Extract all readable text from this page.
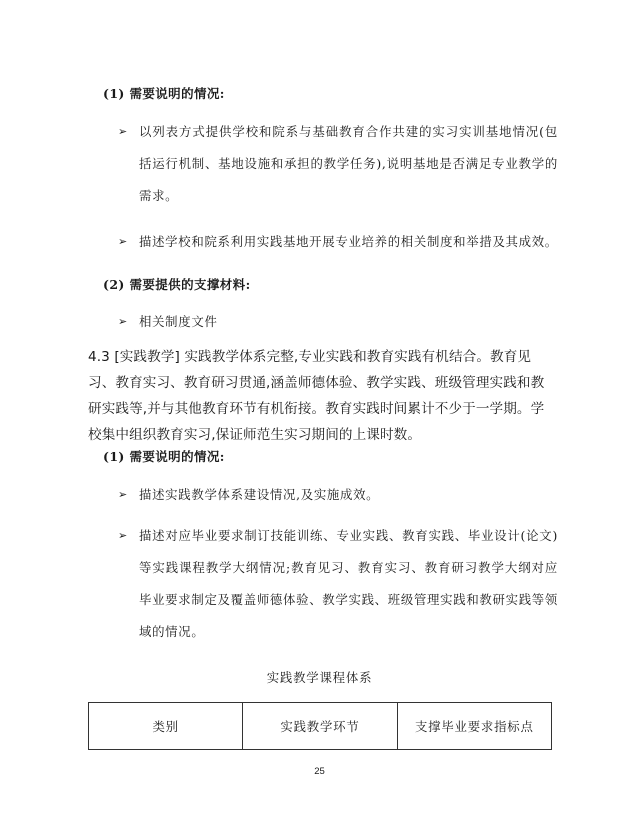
(1) 需要说明的情况:
➢ 以列表方式提供学校和院系与基础教育合作共建的实习实训基地情况(包括运行机制、基地设施和承担的教学任务),说明基地是否满足专业教学的需求。
➢ 描述学校和院系利用实践基地开展专业培养的相关制度和举措及其成效。
(2) 需要提供的支撑材料:
➢ 相关制度文件
4.3 [实践教学] 实践教学体系完整,专业实践和教育实践有机结合。教育见习、教育实习、教育研习贯通,涵盖师德体验、教学实践、班级管理实践和教研实践等,并与其他教育环节有机衔接。教育实践时间累计不少于一学期。学校集中组织教育实习,保证师范生实习期间的上课时数。
(1) 需要说明的情况:
➢ 描述实践教学体系建设情况,及实施成效。
➢ 描述对应毕业要求制订技能训练、专业实践、教育实践、毕业设计(论文)等实践课程教学大纲情况;教育见习、教育实习、教育研习教学大纲对应毕业要求制定及覆盖师德体验、教学实践、班级管理实践和教研实践等领域的情况。
实践教学课程体系
类别	实践教学环节	支撑毕业要求指标点
25
